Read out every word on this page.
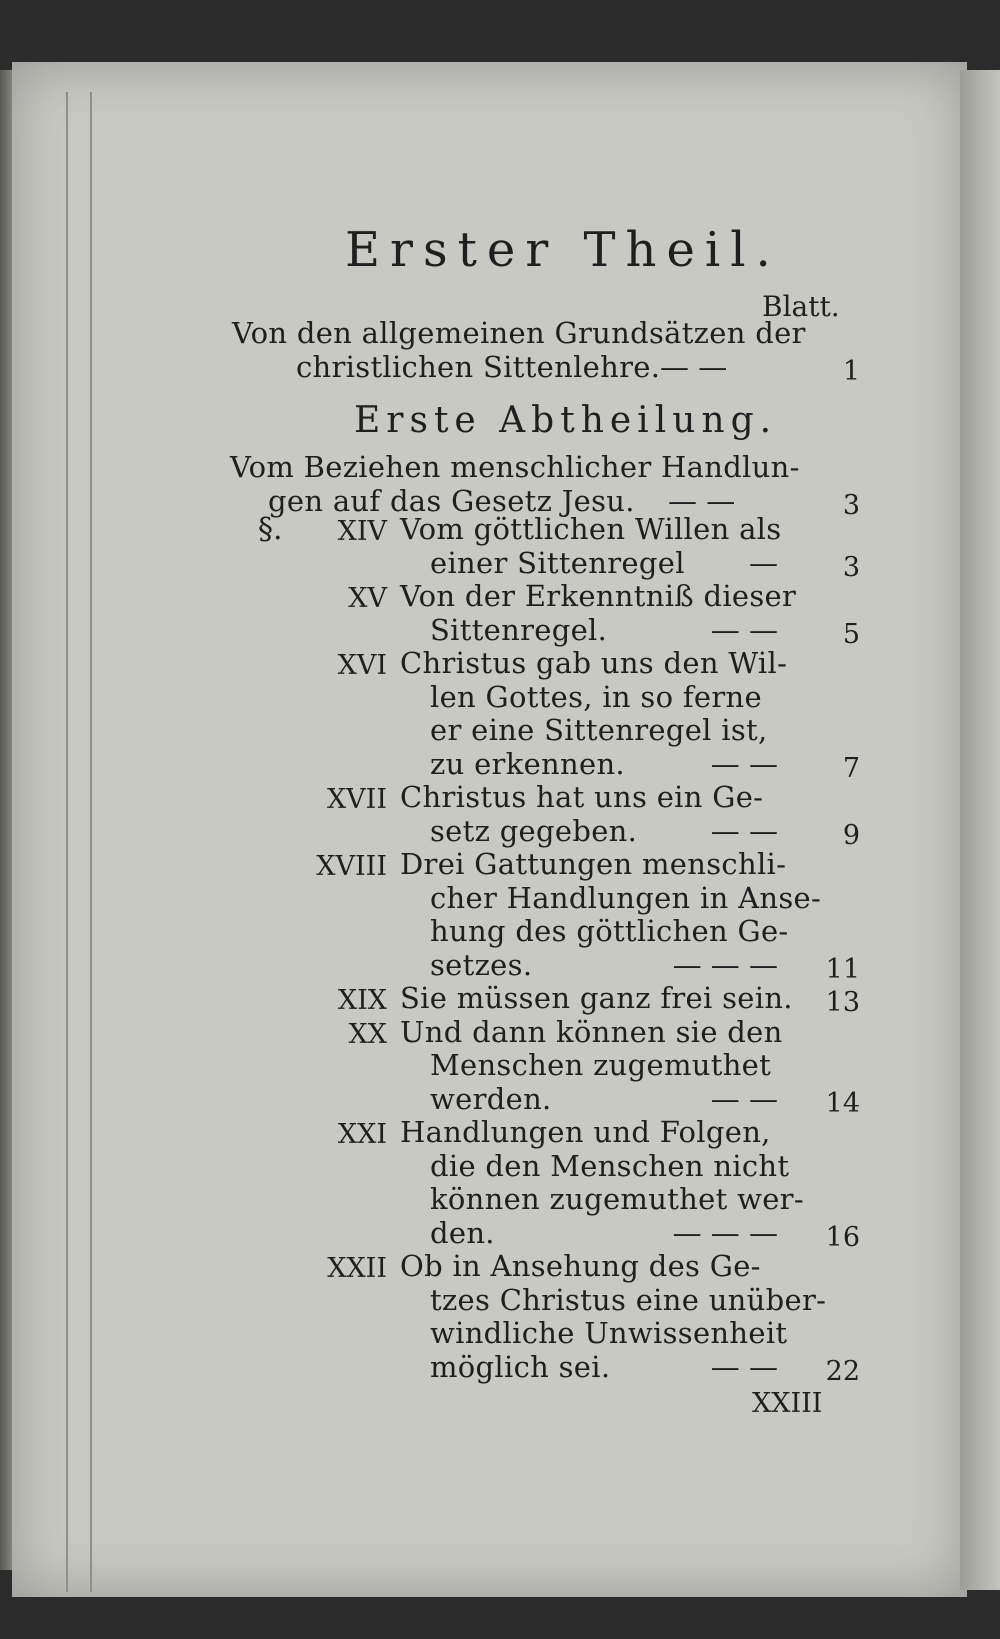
Erster Theil.
Blatt.
Von den allgemeinen Grundsätzen der
christlichen Sittenlehre. — —	1
Erste Abtheilung.
Vom Beziehen menschlicher Handlun-
gen auf das Gesetz Jesu. — —	3
§.	XIV Vom göttlichen Willen als
einer Sittenregel	—	3
XV Von der Erkenntniß dieser
Sittenregel.	— —	5
XVI Christus gab uns den Wil-
len Gottes, in so ferne
er eine Sittenregel ist,
zu erkennen.	— —	7
XVII Christus hat uns ein Ge-
setz gegeben.	— —	9
XVIII Drei Gattungen menschli-
cher Handlungen in Anse-
hung des göttlichen Ge-
setzes.	— — —	11
XIX Sie müssen ganz frei sein.	13
XX Und dann können sie den
Menschen zugemuthet
werden.	— —	14
XXI Handlungen und Folgen,
die den Menschen nicht
können zugemuthet wer-
den.	— — —	16
XXII Ob in Ansehung des Ge-
tzes Christus eine unüber-
windliche Unwissenheit
möglich sei.	— —	22
XXIII
